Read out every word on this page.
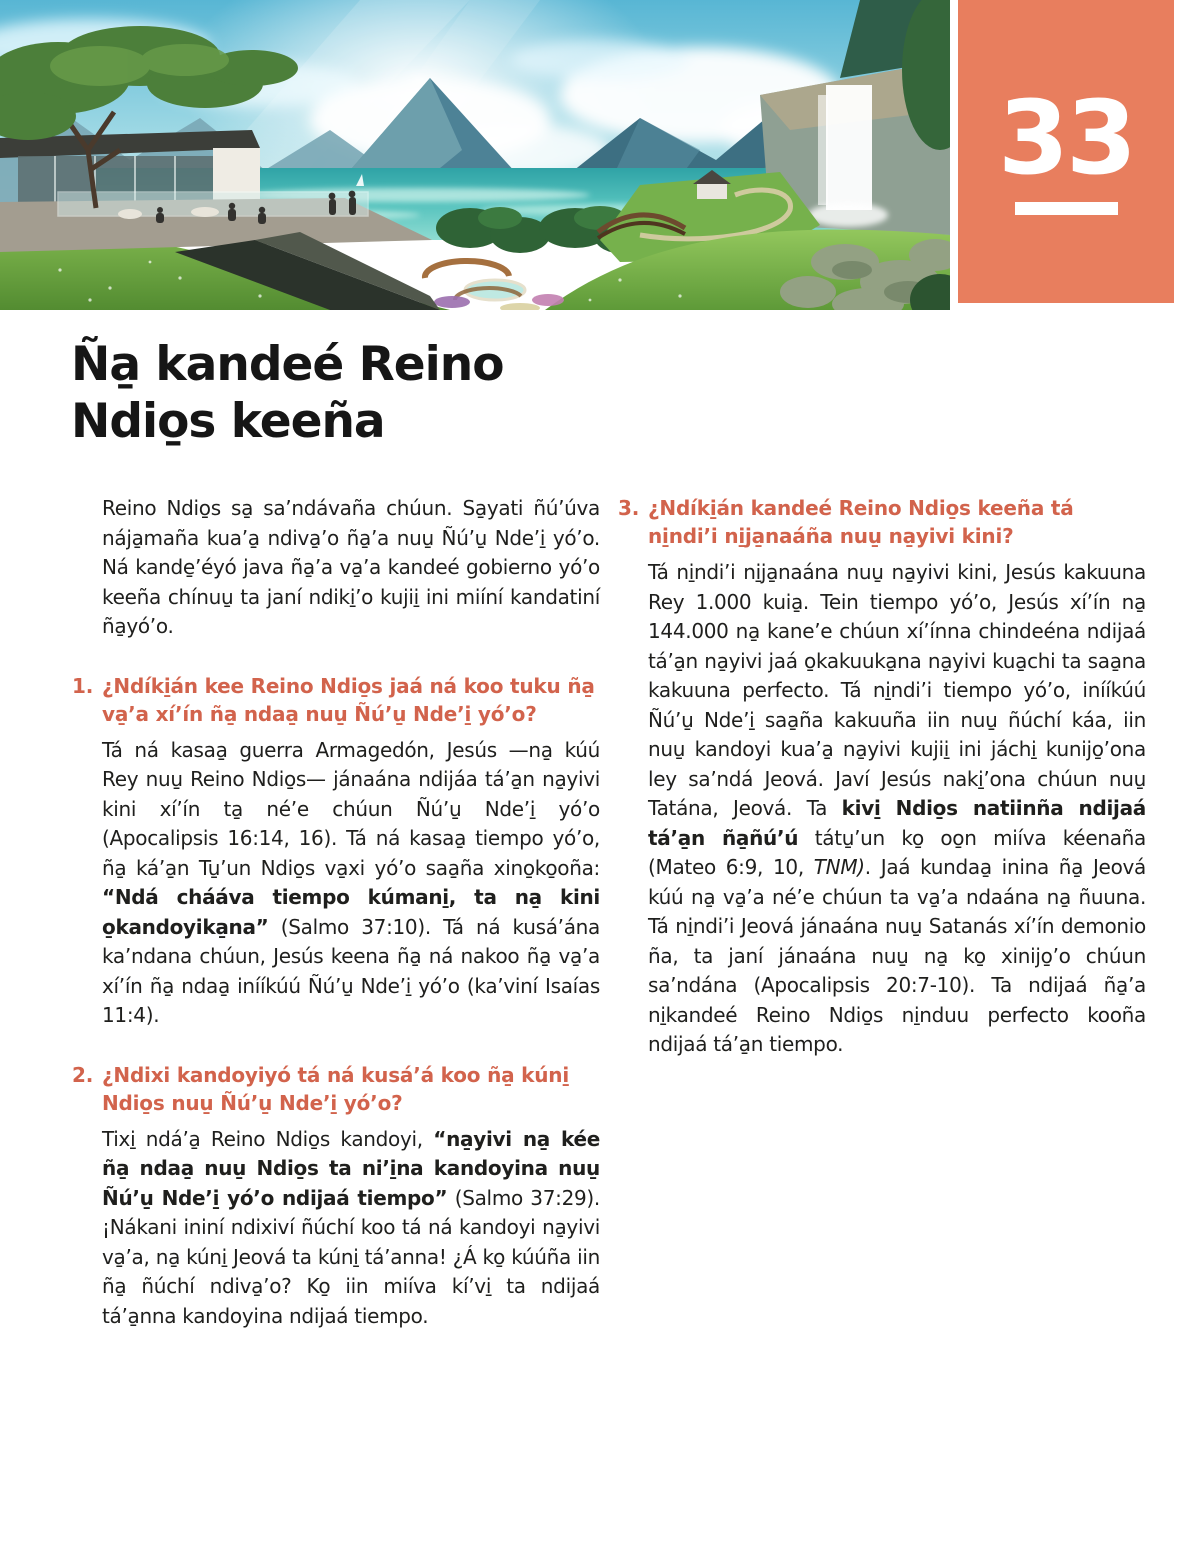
33
Ña̱ kandeé Reino
Ndio̱s keeña

Reino Ndio̱s sa̱ sa’ndávaña chúun. Sa̱yati ñú’úva nája̱maña kua’a̱ ndiva̱’o ña̱’a nuu̱ Ñú’u̱ Nde’i̱ yó’o. Ná kande̱’éyó java ña̱’a va̱’a kandeé gobierno yó’o keeña chínuu̱ ta janí ndiki̱’o kujii̱ ini miíní kandatiní ña̱yó’o.

1. ¿Ndíki̱án kee Reino Ndio̱s jaá ná koo tuku ña̱ va̱’a xí’ín ña̱ ndaa̱ nuu̱ Ñú’u̱ Nde’i̱ yó’o?

Tá ná kasaa̱ guerra Armagedón, Jesús —na̱ kúú Rey nuu̱ Reino Ndio̱s— jánaána ndijáa tá’a̱n na̱yivi kini xí’ín ta̱ né’e chúun Ñú’u̱ Nde’i̱ yó’o (Apocalipsis 16:14, 16). Tá ná kasaa̱ tiempo yó’o, ña̱ ká’a̱n Tu̱’un Ndio̱s va̱xi yó’o saa̱ña xino̱ko̱oña: “Ndá chááva tiempo kúmani̱, ta na̱ kini o̱kandoyika̱na” (Salmo 37:10). Tá ná kusá’ána ka’ndana chúun, Jesús keena ña̱ ná nakoo ña̱ va̱’a xí’ín ña̱ ndaa̱ inííkúú Ñú’u̱ Nde’i̱ yó’o (ka’viní Isaías 11:4).

2. ¿Ndixi kandoyiyó tá ná kusá’á koo ña̱ kúni̱ Ndio̱s nuu̱ Ñú’u̱ Nde’i̱ yó’o?

Tixi̱ ndá’a̱ Reino Ndio̱s kandoyi, “na̱yivi na̱ kée ña̱ ndaa̱ nuu̱ Ndio̱s ta ni’i̱na kandoyina nuu̱ Ñú’u̱ Nde’i̱ yó’o ndijaá tiempo” (Salmo 37:29). ¡Nákani ininí ndixiví ñúchí koo tá ná kandoyi na̱yivi va̱’a, na̱ kúni̱ Jeová ta kúni̱ tá’anna! ¿Á ko̱ kúúña iin ña̱ ñúchí ndiva̱’o? Ko̱ iin miíva kí’vi̱ ta ndijaá tá’a̱nna kandoyina ndijaá tiempo.

3. ¿Ndíki̱án kandeé Reino Ndio̱s keeña tá ni̱ndi’i ni̱ja̱naáña nuu̱ na̱yivi kini?

Tá ni̱ndi’i ni̱ja̱naána nuu̱ na̱yivi kini, Jesús kakuuna Rey 1.000 kuia̱. Tein tiempo yó’o, Jesús xí’ín na̱ 144.000 na̱ kane’e chúun xí’ínna chindeéna ndijaá tá’a̱n na̱yivi jaá o̱kakuuka̱na na̱yivi kua̱chi ta saa̱na kakuuna perfecto. Tá ni̱ndi’i tiempo yó’o, inííkúú Ñú’u̱ Nde’i̱ saa̱ña kakuuña iin nuu̱ ñúchí káa, iin nuu̱ kandoyi kua’a̱ na̱yivi kujii̱ ini jáchi̱ kunijo̱’ona ley sa’ndá Jeová. Javí Jesús naki̱’ona chúun nuu̱ Tatána, Jeová. Ta kivi̱ Ndio̱s natiinña ndijaá tá’a̱n ña̱ñú’ú tátu̱’un ko̱ oo̱n miíva kéenaña (Mateo 6:9, 10, TNM). Jaá kundaa̱ inina ña̱ Jeová kúú na̱ va̱’a né’e chúun ta va̱’a ndaána na̱ ñuuna. Tá ni̱ndi’i Jeová jánaána nuu̱ Satanás xí’ín demonio ña, ta janí jánaána nuu̱ na̱ ko̱ xinijo̱’o chúun sa’ndána (Apocalipsis 20:7-10). Ta ndijaá ña̱’a ni̱kandeé Reino Ndio̱s ni̱nduu perfecto kooña ndijaá tá’a̱n tiempo.
